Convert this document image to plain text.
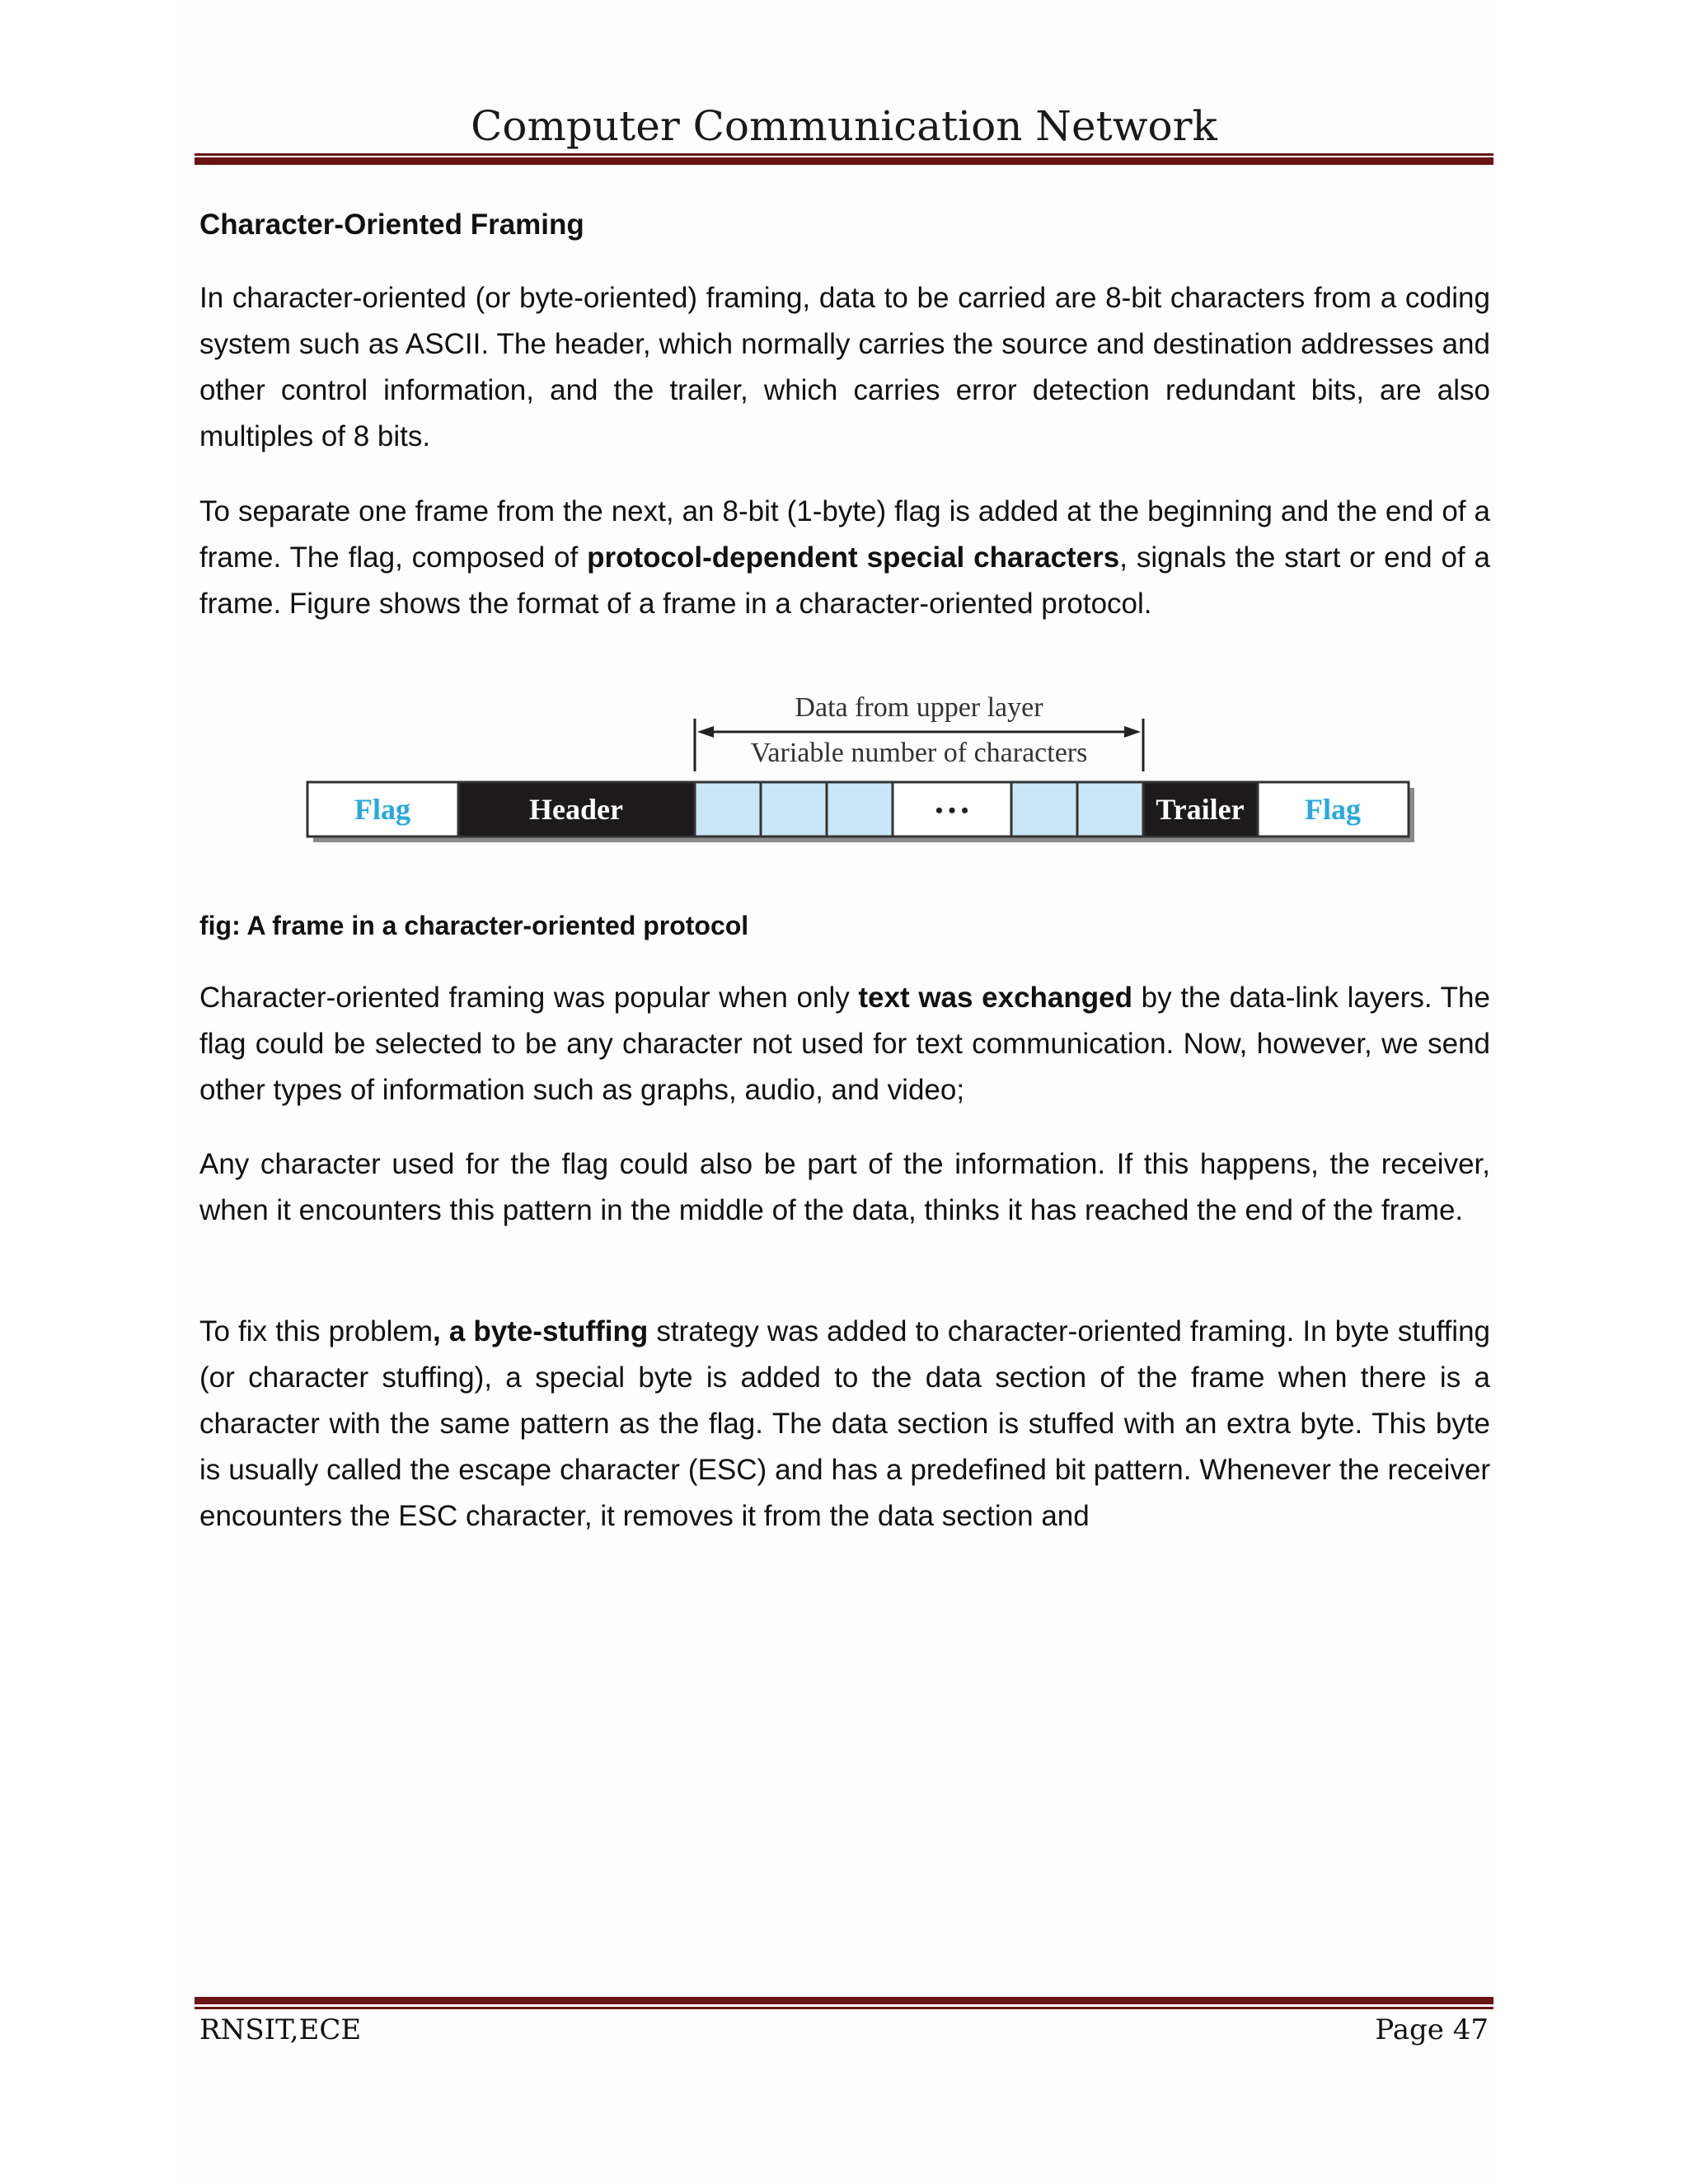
Computer Communication Network
Character-Oriented Framing

In character-oriented (or byte-oriented) framing, data to be carried are 8-bit characters from a coding system such as ASCII. The header, which normally carries the source and destination addresses and other control information, and the trailer, which carries error detection redundant bits, are also multiples of 8 bits.

To separate one frame from the next, an 8-bit (1-byte) flag is added at the beginning and the end of a frame. The flag, composed of protocol-dependent special characters, signals the start or end of a frame. Figure shows the format of a frame in a character-oriented protocol.

Flag	Header	• • •	Trailer Flag
Data from upper layer
Variable number of characters
fig: A frame in a character-oriented protocol

Character-oriented framing was popular when only text was exchanged by the data-link layers. The flag could be selected to be any character not used for text communication. Now, however, we send other types of information such as graphs, audio, and video;

Any character used for the flag could also be part of the information. If this happens, the receiver, when it encounters this pattern in the middle of the data, thinks it has reached the end of the frame.

To fix this problem, a byte-stuffing strategy was added to character-oriented framing. In byte stuffing (or character stuffing), a special byte is added to the data section of the frame when there is a character with the same pattern as the flag. The data section is stuffed with an extra byte. This byte is usually called the escape character (ESC) and has a predefined bit pattern. Whenever the receiver encounters the ESC character, it removes it from the data section and

RNSIT,ECE	Page 47
